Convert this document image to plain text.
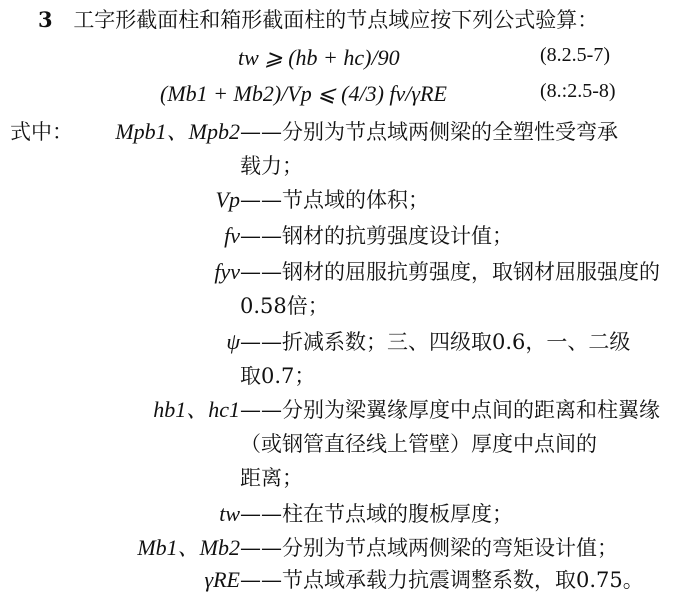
3 工字形截面柱和箱形截面柱的节点域应按下列公式验算：
tw ⩾ (hb + hc)/90	(8.2.5-7)
(Mb1 + Mb2)/Vp ⩽ (4/3) fv/γRE
式中： Mpb1、Mpb2 ——分别为节点域两侧梁的全塑性受弯承
载力；
Vp ——节点域的体积；
fv ——钢材的抗剪强度设计值；
fyv ——钢材的屈服抗剪强度，取钢材屈服强度的
0.58倍；
ψ ——折减系数；三、四级取0.6，一、二级
取0.7；
hb1、hc1 ——分别为梁翼缘厚度中点间的距离和柱翼缘
（或钢管直径线上管壁）厚度中点间的
距离；
tw ——柱在节点域的腹板厚度；
Mb1、Mb2 ——分别为节点域两侧梁的弯矩设计值；
γRE ——节点域承载力抗震调整系数，取0.75。
(8.:2.5-8)
